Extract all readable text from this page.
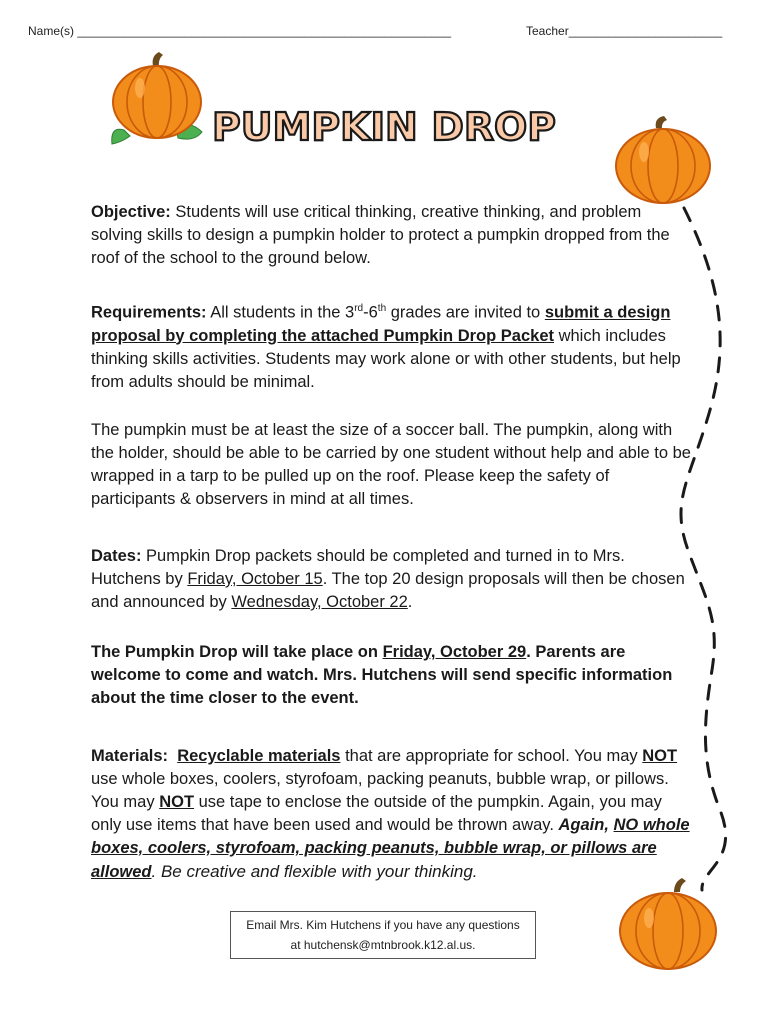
Name(s) ________________________________________________________	Teacher_______________________
PUMPKIN DROP

Objective: Students will use critical thinking, creative thinking, and problem solving skills to design a pumpkin holder to protect a pumpkin dropped from the roof of the school to the ground below.

Requirements: All students in the 3rd-6th grades are invited to submit a design proposal by completing the attached Pumpkin Drop Packet which includes thinking skills activities. Students may work alone or with other students, but help from adults should be minimal.

The pumpkin must be at least the size of a soccer ball. The pumpkin, along with the holder, should be able to be carried by one student without help and able to be wrapped in a tarp to be pulled up on the roof. Please keep the safety of participants & observers in mind at all times.

Dates: Pumpkin Drop packets should be completed and turned in to Mrs. Hutchens by Friday, October 15. The top 20 design proposals will then be chosen and announced by Wednesday, October 22.

The Pumpkin Drop will take place on Friday, October 29. Parents are welcome to come and watch. Mrs. Hutchens will send specific information about the time closer to the event.

Materials: Recyclable materials that are appropriate for school. You may NOT use whole boxes, coolers, styrofoam, packing peanuts, bubble wrap, or pillows. You may NOT use tape to enclose the outside of the pumpkin. Again, you may only use items that have been used and would be thrown away. Again, NO whole boxes, coolers, styrofoam, packing peanuts, bubble wrap, or pillows are allowed. Be creative and flexible with your thinking.

Email Mrs. Kim Hutchens if you have any questions
at hutchensk@mtnbrook.k12.al.us.
